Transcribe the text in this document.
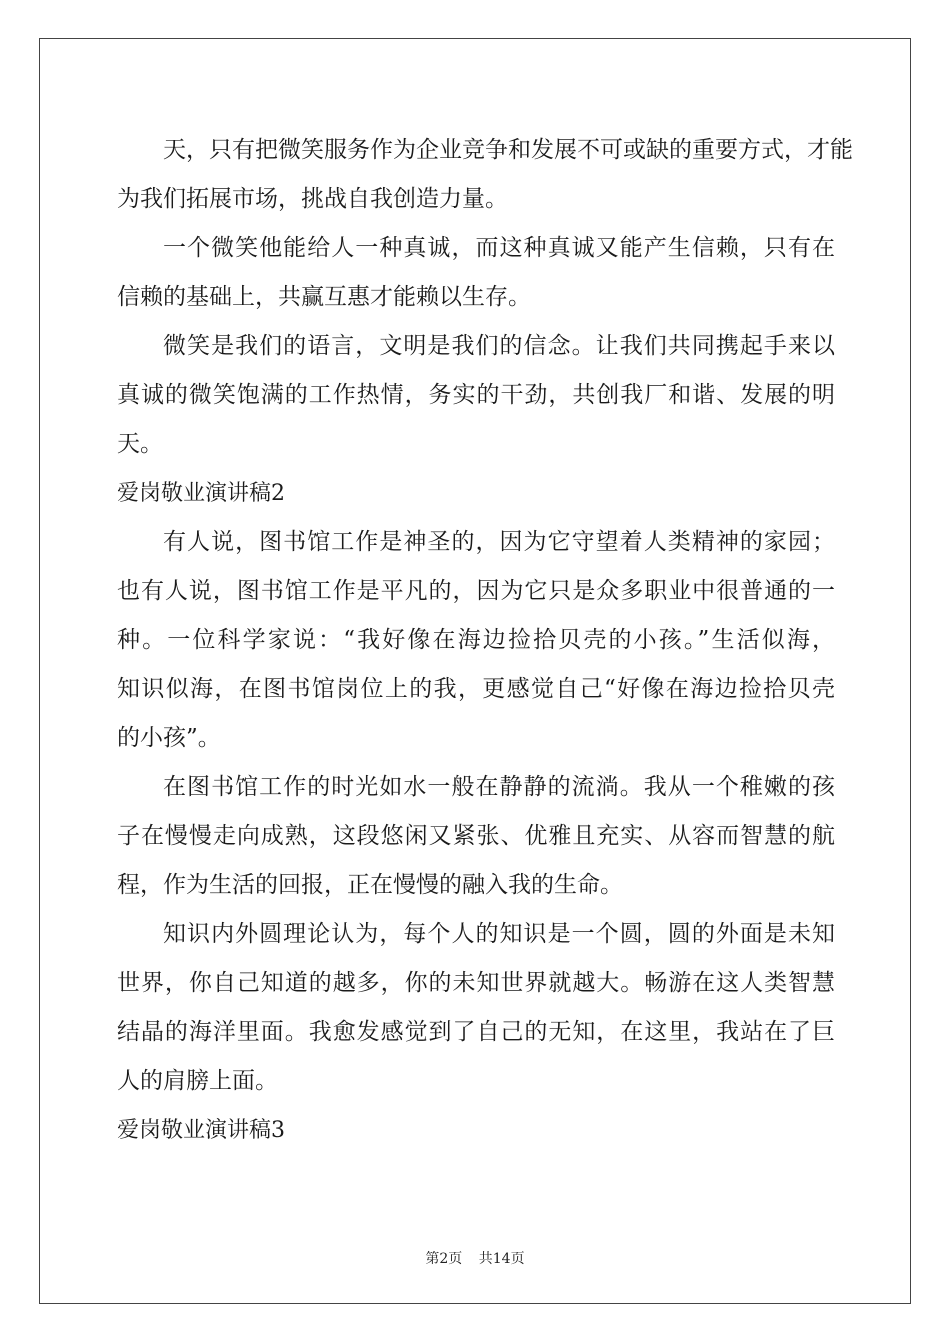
天，只有把微笑服务作为企业竞争和发展不可或缺的重要方式，才能
为我们拓展市场，挑战自我创造力量。
一个微笑他能给人一种真诚，而这种真诚又能产生信赖，只有在
信赖的基础上，共赢互惠才能赖以生存。
微笑是我们的语言，文明是我们的信念。让我们共同携起手来以
真诚的微笑饱满的工作热情，务实的干劲，共创我厂和谐、发展的明
天。
爱岗敬业演讲稿2
有人说，图书馆工作是神圣的，因为它守望着人类精神的家园；
也有人说，图书馆工作是平凡的，因为它只是众多职业中很普通的一
种。一位科学家说：“我好像在海边捡拾贝壳的小孩。”生活似海，
知识似海，在图书馆岗位上的我，更感觉自己“好像在海边捡拾贝壳
的小孩”。
在图书馆工作的时光如水一般在静静的流淌。我从一个稚嫩的孩
子在慢慢走向成熟，这段悠闲又紧张、优雅且充实、从容而智慧的航
程，作为生活的回报，正在慢慢的融入我的生命。
知识内外圆理论认为，每个人的知识是一个圆，圆的外面是未知
世界，你自己知道的越多，你的未知世界就越大。畅游在这人类智慧
结晶的海洋里面。我愈发感觉到了自己的无知，在这里，我站在了巨
人的肩膀上面。
爱岗敬业演讲稿3
第2页 共14页
